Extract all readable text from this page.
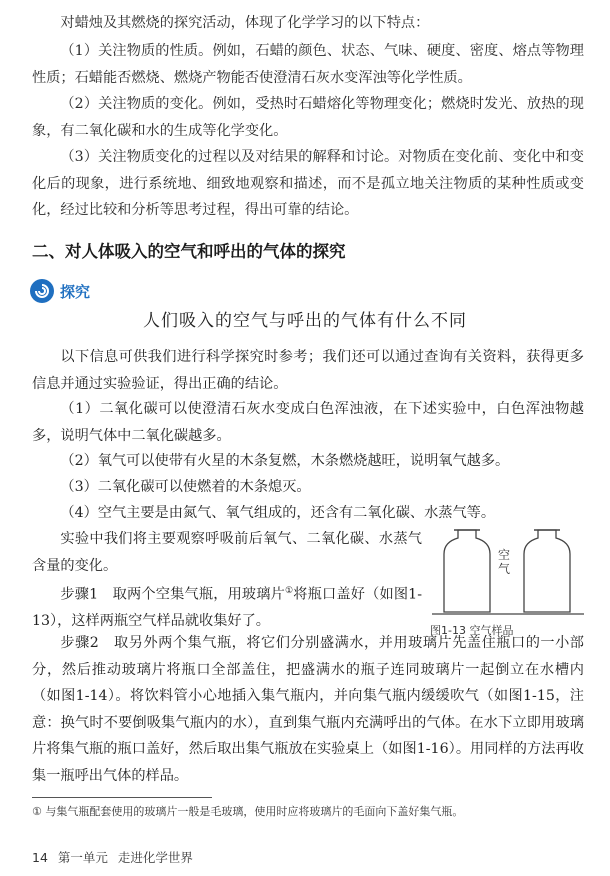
对蜡烛及其燃烧的探究活动，体现了化学学习的以下特点：

（1）关注物质的性质。例如，石蜡的颜色、状态、气味、硬度、密度、熔点等物理性质；石蜡能否燃烧、燃烧产物能否使澄清石灰水变浑浊等化学性质。

（2）关注物质的变化。例如，受热时石蜡熔化等物理变化；燃烧时发光、放热的现象，有二氧化碳和水的生成等化学变化。

（3）关注物质变化的过程以及对结果的解释和讨论。对物质在变化前、变化中和变化后的现象，进行系统地、细致地观察和描述，而不是孤立地关注物质的某种性质或变化，经过比较和分析等思考过程，得出可靠的结论。

二、对人体吸入的空气和呼出的气体的探究
探究
人们吸入的空气与呼出的气体有什么不同

以下信息可供我们进行科学探究时参考；我们还可以通过查询有关资料，获得更多信息并通过实验验证，得出正确的结论。

（1）二氧化碳可以使澄清石灰水变成白色浑浊液，在下述实验中，白色浑浊物越多，说明气体中二氧化碳越多。

（2）氧气可以使带有火星的木条复燃，木条燃烧越旺，说明氧气越多。

（3）二氧化碳可以使燃着的木条熄灭。

（4）空气主要是由氮气、氧气组成的，还含有二氧化碳、水蒸气等。

实验中我们将主要观察呼吸前后氧气、二氧化碳、水蒸气含量的变化。

步骤1　取两个空集气瓶，用玻璃片①将瓶口盖好（如图1-13），这样两瓶空气样品就收集好了。

步骤2　取另外两个集气瓶，将它们分别盛满水，并用玻璃片先盖住瓶口的一小部分，然后推动玻璃片将瓶口全部盖住，把盛满水的瓶子连同玻璃片一起倒立在水槽内（如图1-14）。将饮料管小心地插入集气瓶内，并向集气瓶内缓缓吹气（如图1-15，注意：换气时不要倒吸集气瓶内的水），直到集气瓶内充满呼出的气体。在水下立即用玻璃片将集气瓶的瓶口盖好，然后取出集气瓶放在实验桌上（如图1-16）。用同样的方法再收集一瓶呼出气体的样品。

空气
图1-13 空气样品
① 与集气瓶配套使用的玻璃片一般是毛玻璃，使用时应将玻璃片的毛面向下盖好集气瓶。
14 第一单元 走进化学世界
